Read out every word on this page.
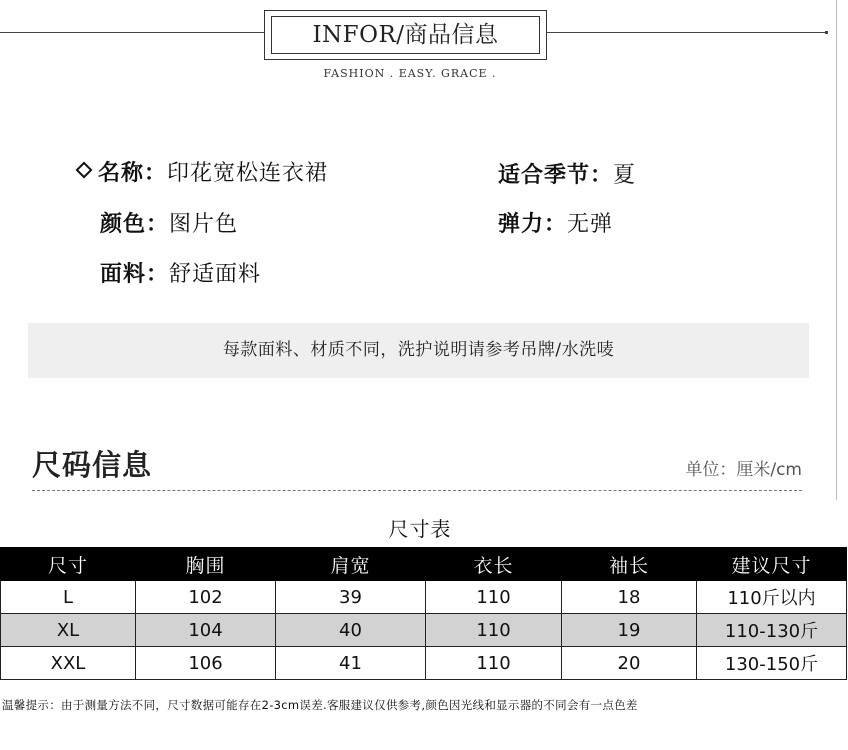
INFOR/商品信息
FASHION . EASY. GRACE .
名称：印花宽松连衣裙	适合季节：夏
颜色：图片色	弹力：无弹
面料：舒适面料
每款面料、材质不同，洗护说明请参考吊牌/水洗唛
尺码信息	单位：厘米/cm
尺寸表
尺寸	胸围	肩宽	衣长	袖长	建议尺寸
L	102	39	110	18	110斤以内
XL	104	40	110	19	110-130斤
XXL	106	41	110	20	130-150斤
温馨提示：由于测量方法不同，尺寸数据可能存在2-3cm误差.客服建议仅供参考,颜色因光线和显示器的不同会有一点色差
